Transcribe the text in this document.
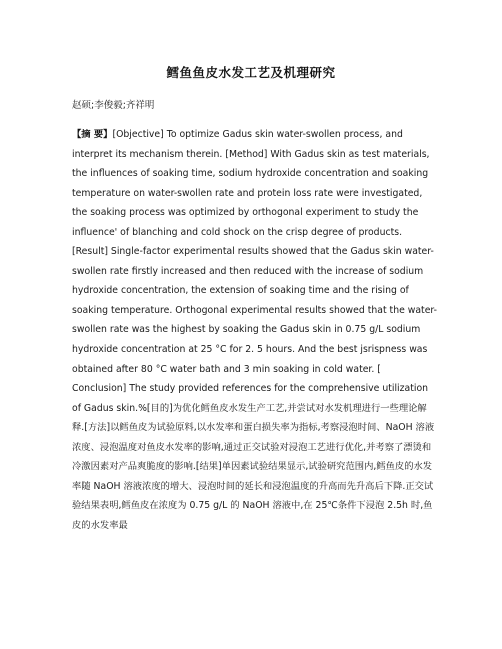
鳕鱼鱼皮水发工艺及机理研究
赵硕;李俊毅;齐祥明
【摘 要】[Objective] To optimize Gadus skin water-swollen process, and interpret its mechanism therein. [Method] With Gadus skin as test materials, the influences of soaking time, sodium hydroxide concentration and soaking temperature on water-swollen rate and protein loss rate were investigated, the soaking process was optimized by orthogonal experiment to study the influence' of blanching and cold shock on the crisp degree of products. [Result] Single-factor experimental results showed that the Gadus skin water-swollen rate firstly increased and then reduced with the increase of sodium hydroxide concentration, the extension of soaking time and the rising of soaking temperature. Orthogonal experimental results showed that the water-swollen rate was the highest by soaking the Gadus skin in 0.75 g/L sodium hydroxide concentration at 25 °C for 2. 5 hours. And the best jsrispness was obtained after 80 °C water bath and 3 min soaking in cold water. [ Conclusion] The study provided references for the comprehensive utilization of Gadus skin.%[目的]为优化鳕鱼皮水发生产工艺,并尝试对水发机理进行一些理论解释.[方法]以鳕鱼皮为试验原料,以水发率和蛋白损失率为指标,考察浸泡时间、NaOH 溶液浓度、浸泡温度对鱼皮水发率的影响,通过正交试验对浸泡工艺进行优化,并考察了漂烫和冷激因素对产品爽脆度的影响.[结果]单因素试验结果显示,试验研究范围内,鳕鱼皮的水发率随 NaOH 溶液浓度的增大、浸泡时间的延长和浸泡温度的升高而先升高后下降.正交试验结果表明,鳕鱼皮在浓度为 0.75 g/L 的 NaOH 溶液中,在 25℃条件下浸泡 2.5h 时,鱼皮的水发率最
